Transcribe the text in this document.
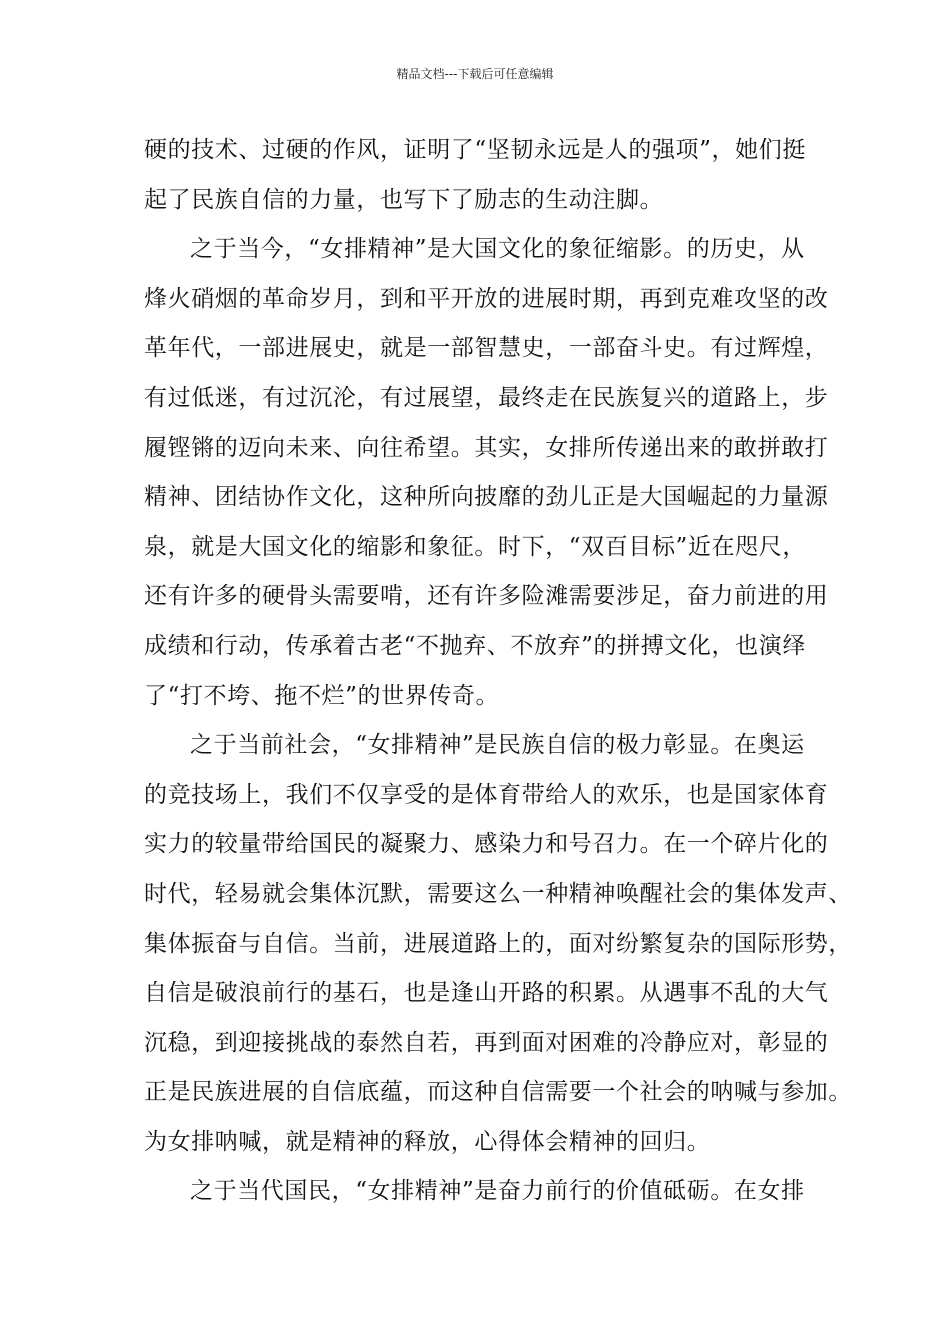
精品文档---下载后可任意编辑
硬的技术、过硬的作风，证明了“坚韧永远是人的强项”，她们挺
起了民族自信的力量，也写下了励志的生动注脚。
之于当今，“女排精神”是大国文化的象征缩影。的历史，从
烽火硝烟的革命岁月，到和平开放的进展时期，再到克难攻坚的改
革年代，一部进展史，就是一部智慧史，一部奋斗史。有过辉煌，
有过低迷，有过沉沦，有过展望，最终走在民族复兴的道路上，步
履铿锵的迈向未来、向往希望。其实，女排所传递出来的敢拼敢打
精神、团结协作文化，这种所向披靡的劲儿正是大国崛起的力量源
泉，就是大国文化的缩影和象征。时下，“双百目标”近在咫尺，
还有许多的硬骨头需要啃，还有许多险滩需要涉足，奋力前进的用
成绩和行动，传承着古老“不抛弃、不放弃”的拼搏文化，也演绎
了“打不垮、拖不烂”的世界传奇。
之于当前社会，“女排精神”是民族自信的极力彰显。在奥运
的竞技场上，我们不仅享受的是体育带给人的欢乐，也是国家体育
实力的较量带给国民的凝聚力、感染力和号召力。在一个碎片化的
时代，轻易就会集体沉默，需要这么一种精神唤醒社会的集体发声、
集体振奋与自信。当前，进展道路上的，面对纷繁复杂的国际形势，
自信是破浪前行的基石，也是逢山开路的积累。从遇事不乱的大气
沉稳，到迎接挑战的泰然自若，再到面对困难的冷静应对，彰显的
正是民族进展的自信底蕴，而这种自信需要一个社会的呐喊与参加。
为女排呐喊，就是精神的释放，心得体会精神的回归。
之于当代国民，“女排精神”是奋力前行的价值砥砺。在女排
